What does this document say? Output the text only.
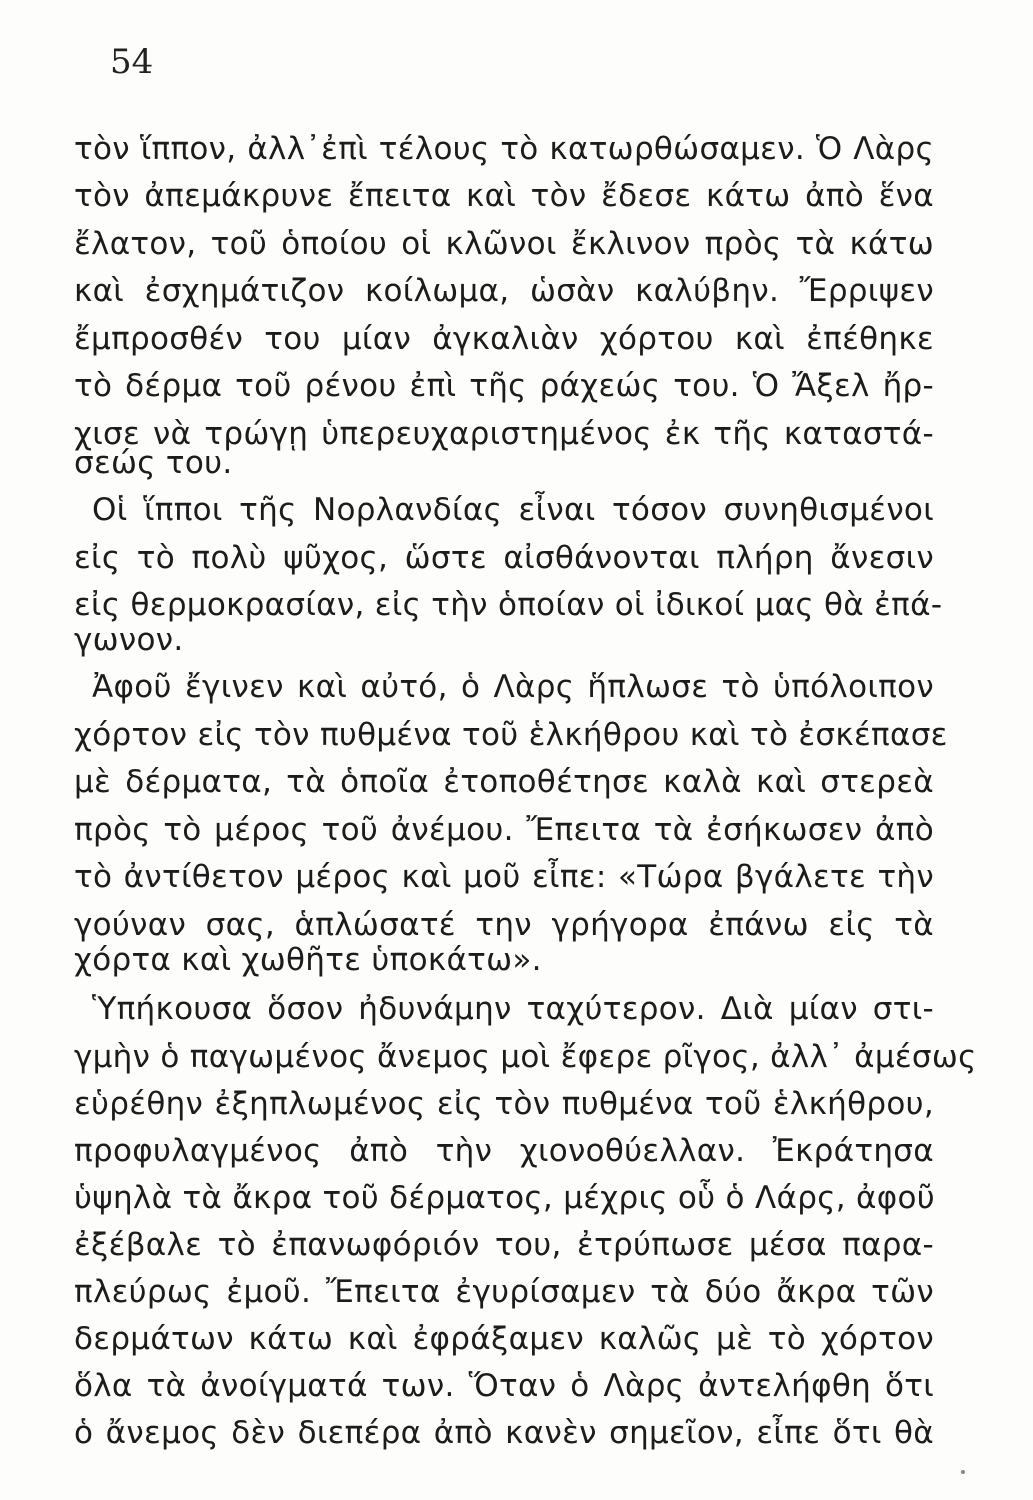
54
τὸν ἵππον, ἀλλ᾽ἐπὶ τέλους τὸ κατωρθώσαμεν. Ὁ Λὰρς
τὸν ἀπεμάκρυνε ἔπειτα καὶ τὸν ἔδεσε κάτω ἀπὸ ἕνα
ἔλατον, τοῦ ὁποίου οἱ κλῶνοι ἔκλινον πρὸς τὰ κάτω
καὶ ἐσχημάτιζον κοίλωμα, ὡσὰν καλύβην. Ἔρριψεν
ἔμπροσθέν του μίαν ἀγκαλιὰν χόρτου καὶ ἐπέθηκε
τὸ δέρμα τοῦ ρένου ἐπὶ τῆς ράχεώς του. Ὁ Ἄξελ ἤρ-
χισε νὰ τρώγῃ ὑπερευχαριστημένος ἐκ τῆς καταστά-
σεώς του.
Οἱ ἵπποι τῆς Νορλανδίας εἶναι τόσον συνηθισμένοι
εἰς τὸ πολὺ ψῦχος, ὥστε αἰσθάνονται πλήρη ἄνεσιν
εἰς θερμοκρασίαν, εἰς τὴν ὁποίαν οἱ ἰδικοί μας θὰ ἐπά-
γωνον.
Ἀφοῦ ἔγινεν καὶ αὐτό, ὁ Λὰρς ἥπλωσε τὸ ὑπόλοιπον
χόρτον εἰς τὸν πυθμένα τοῦ ἑλκήθρου καὶ τὸ ἐσκέπασε
μὲ δέρματα, τὰ ὁποῖα ἐτοποθέτησε καλὰ καὶ στερεὰ
πρὸς τὸ μέρος τοῦ ἀνέμου. Ἔπειτα τὰ ἐσήκωσεν ἀπὸ
τὸ ἀντίθετον μέρος καὶ μοῦ εἶπε: «Τώρα βγάλετε τὴν
γούναν σας, ἁπλώσατέ την γρήγορα ἐπάνω εἰς τὰ
χόρτα καὶ χωθῆτε ὑποκάτω».
Ὑπήκουσα ὅσον ἠδυνάμην ταχύτερον. Διὰ μίαν στι-
γμὴν ὁ παγωμένος ἄνεμος μοὶ ἔφερε ρῖγος, ἀλλ᾽ ἀμέσως
εὑρέθην ἐξηπλωμένος εἰς τὸν πυθμένα τοῦ ἑλκήθρου,
προφυλαγμένος ἀπὸ τὴν χιονοθύελλαν. Ἐκράτησα
ὑψηλὰ τὰ ἄκρα τοῦ δέρματος, μέχρις οὗ ὁ Λάρς, ἀφοῦ
ἐξέβαλε τὸ ἐπανωφόριόν του, ἐτρύπωσε μέσα παρα-
πλεύρως ἐμοῦ. Ἔπειτα ἐγυρίσαμεν τὰ δύο ἄκρα τῶν
δερμάτων κάτω καὶ ἐφράξαμεν καλῶς μὲ τὸ χόρτον
ὅλα τὰ ἀνοίγματά των. Ὅταν ὁ Λὰρς ἀντελήφθη ὅτι
ὁ ἄνεμος δὲν διεπέρα ἀπὸ κανὲν σημεῖον, εἶπε ὅτι θὰ
